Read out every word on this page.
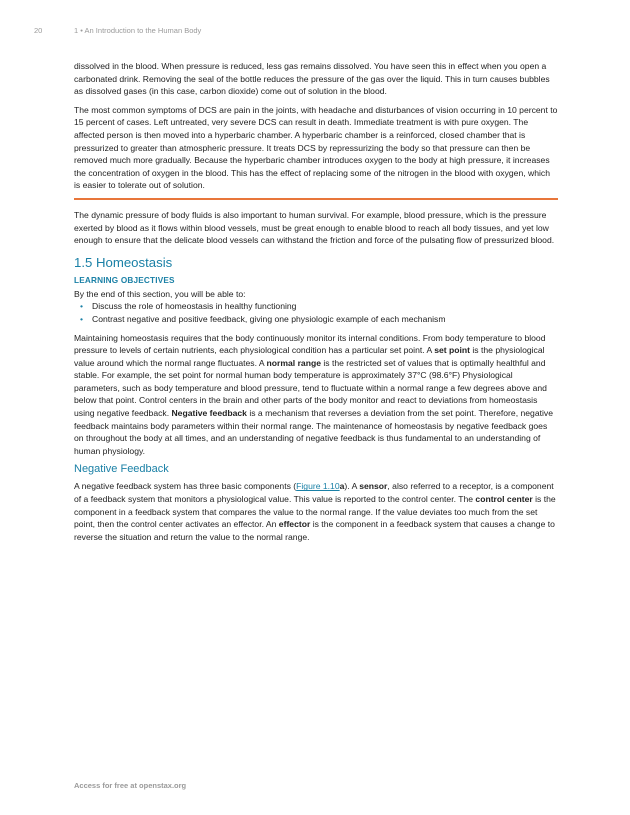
20	1 • An Introduction to the Human Body

dissolved in the blood. When pressure is reduced, less gas remains dissolved. You have seen this in effect when you open a carbonated drink. Removing the seal of the bottle reduces the pressure of the gas over the liquid. This in turn causes bubbles as dissolved gases (in this case, carbon dioxide) come out of solution in the blood.

The most common symptoms of DCS are pain in the joints, with headache and disturbances of vision occurring in 10 percent to 15 percent of cases. Left untreated, very severe DCS can result in death. Immediate treatment is with pure oxygen. The affected person is then moved into a hyperbaric chamber. A hyperbaric chamber is a reinforced, closed chamber that is pressurized to greater than atmospheric pressure. It treats DCS by repressurizing the body so that pressure can then be removed much more gradually. Because the hyperbaric chamber introduces oxygen to the body at high pressure, it increases the concentration of oxygen in the blood. This has the effect of replacing some of the nitrogen in the blood with oxygen, which is easier to tolerate out of solution.

The dynamic pressure of body fluids is also important to human survival. For example, blood pressure, which is the pressure exerted by blood as it flows within blood vessels, must be great enough to enable blood to reach all body tissues, and yet low enough to ensure that the delicate blood vessels can withstand the friction and force of the pulsating flow of pressurized blood.

1.5 Homeostasis
LEARNING OBJECTIVES
By the end of this section, you will be able to:
• Discuss the role of homeostasis in healthy functioning
• Contrast negative and positive feedback, giving one physiologic example of each mechanism

Maintaining homeostasis requires that the body continuously monitor its internal conditions. From body temperature to blood pressure to levels of certain nutrients, each physiological condition has a particular set point. A set point is the physiological value around which the normal range fluctuates. A normal range is the restricted set of values that is optimally healthful and stable. For example, the set point for normal human body temperature is approximately 37°C (98.6°F) Physiological parameters, such as body temperature and blood pressure, tend to fluctuate within a normal range a few degrees above and below that point. Control centers in the brain and other parts of the body monitor and react to deviations from homeostasis using negative feedback. Negative feedback is a mechanism that reverses a deviation from the set point. Therefore, negative feedback maintains body parameters within their normal range. The maintenance of homeostasis by negative feedback goes on throughout the body at all times, and an understanding of negative feedback is thus fundamental to an understanding of human physiology.

Negative Feedback

A negative feedback system has three basic components (Figure 1.10a). A sensor, also referred to a receptor, is a component of a feedback system that monitors a physiological value. This value is reported to the control center. The control center is the component in a feedback system that compares the value to the normal range. If the value deviates too much from the set point, then the control center activates an effector. An effector is the component in a feedback system that causes a change to reverse the situation and return the value to the normal range.

Access for free at openstax.org
